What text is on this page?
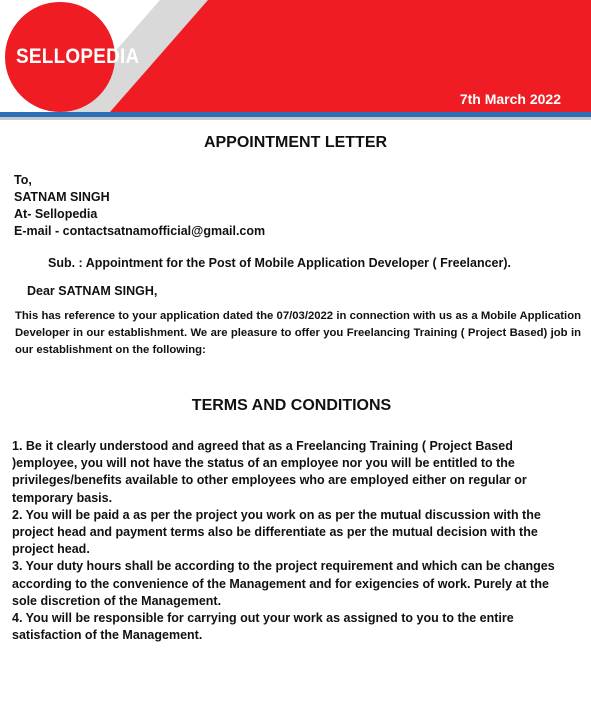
SELLOPEDIA
7th March 2022
APPOINTMENT LETTER
To,
SATNAM SINGH
At- Sellopedia
E-mail - contactsatnamofficial@gmail.com
Sub. : Appointment for the Post of Mobile Application Developer ( Freelancer).
Dear SATNAM SINGH,
This has reference to your application dated the 07/03/2022 in connection with us as a Mobile Application Developer in our establishment. We are pleasure to offer you Freelancing Training ( Project Based) job in our establishment on the following:
TERMS AND CONDITIONS

1. Be it clearly understood and agreed that as a Freelancing Training ( Project Based )employee, you will not have the status of an employee nor you will be entitled to the privileges/benefits available to other employees who are employed either on regular or temporary basis.

2. You will be paid a as per the project you work on as per the mutual discussion with the project head and payment terms also be differentiate as per the mutual decision with the project head.

3. Your duty hours shall be according to the project requirement and which can be changes according to the convenience of the Management and for exigencies of work. Purely at the sole discretion of the Management.

4. You will be responsible for carrying out your work as assigned to you to the entire satisfaction of the Management.
